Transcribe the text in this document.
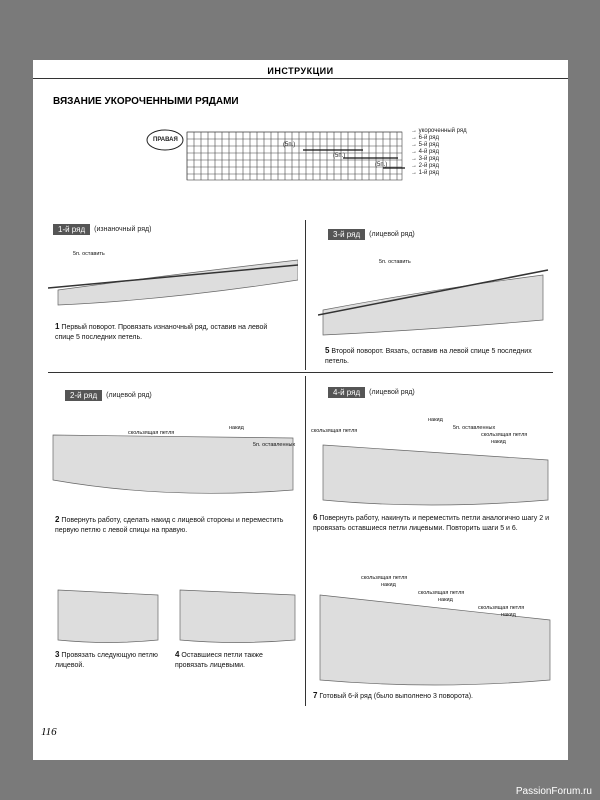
ИНСТРУКЦИИ
ВЯЗАНИЕ УКОРОЧЕННЫМИ РЯДАМИ
ПРАВАЯ
(5п.)
(5п.)
(5п.)
→ укороченный ряд
→ 6-й ряд
→ 5-й ряд
→ 4-й ряд
→ 3-й ряд
→ 2-й ряд
→ 1-й ряд
1-й ряд	(изнаночный ряд)
5п. оставить
1 Первый поворот. Провязать изнаночный ряд, оставив на левой спице 5 последних петель.
3-й ряд	(лицевой ряд)
5п. оставить
5 Второй поворот. Вязать, оставив на левой спице 5 последних петель.
2-й ряд	(лицевой ряд)
скользящая петля
накид
5п. оставленных
2 Повернуть работу, сделать накид с лицевой стороны и переместить первую петлю с левой спицы на правую.
4-й ряд	(лицевой ряд)
накид
скользящая петля	5п. оставленных
скользящая петля
накид
6 Повернуть работу, накинуть и переместить петли аналогично шагу 2 и провязать оставшиеся петли лицевыми. Повторить шаги 5 и 6.
3 Провязать следующую петлю лицевой.
4 Оставшиеся петли также провязать лицевыми.
скользящая петля
накид
скользящая петля
накид
скользящая петля
накид
7 Готовый 6-й ряд (было выполнено 3 поворота).
116
PassionForum.ru
